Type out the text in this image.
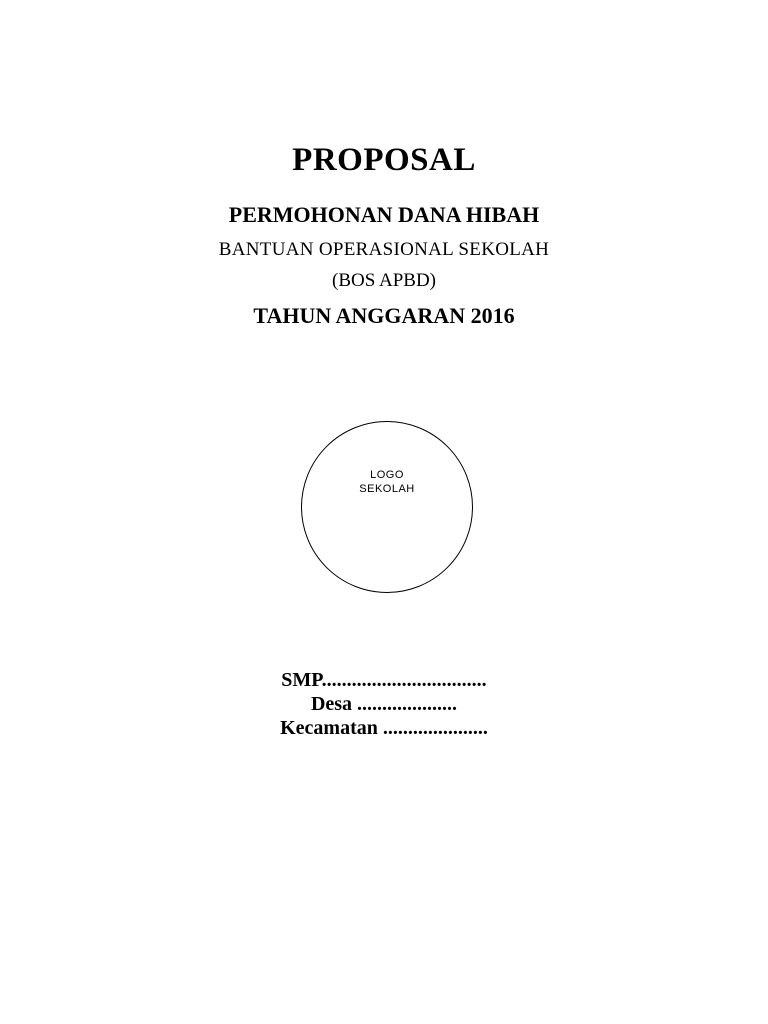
PROPOSAL
PERMOHONAN DANA HIBAH
BANTUAN OPERASIONAL SEKOLAH
(BOS APBD)
TAHUN ANGGARAN 2016
LOGO
SEKOLAH
SMP.................................
Desa ....................
Kecamatan .....................
